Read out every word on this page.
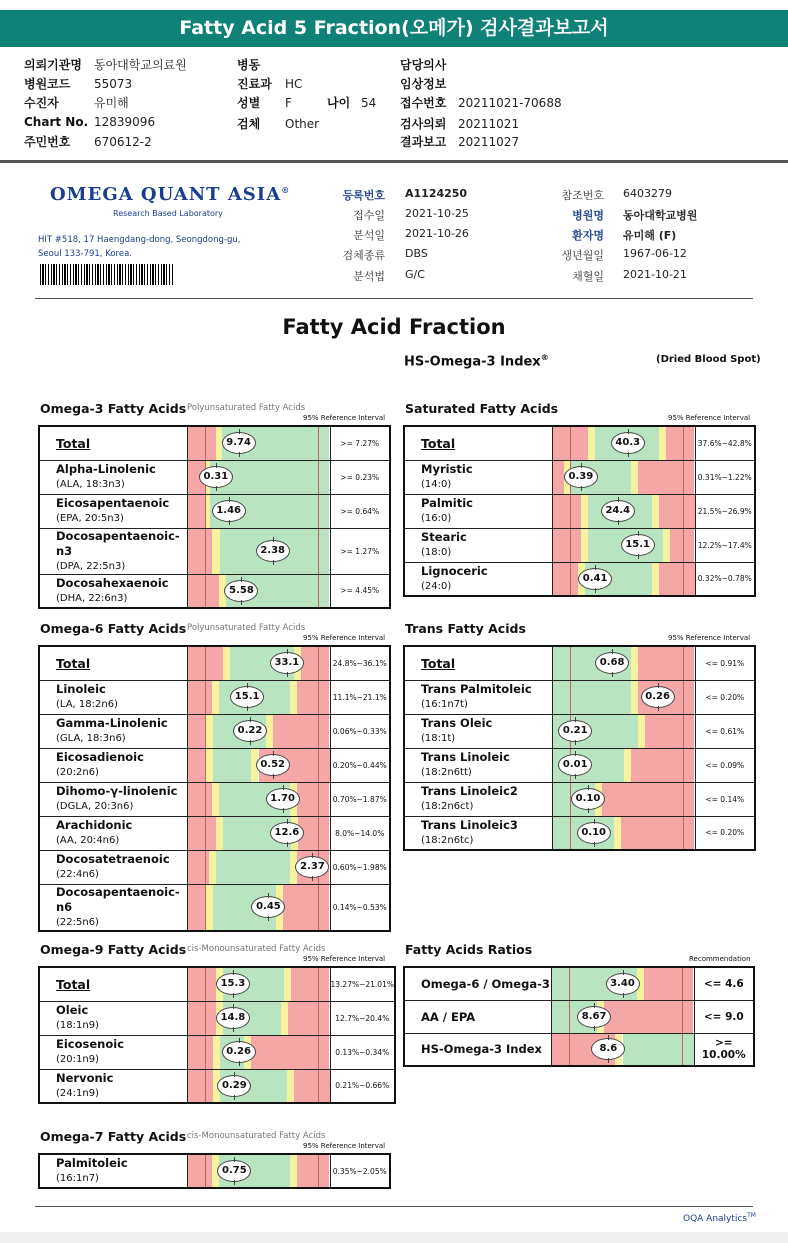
Fatty Acid 5 Fraction(오메가) 검사결과보고서
의뢰기관명 동아대학교의료원
병원코드 55073
수진자	유미해
Chart No. 12839096
주민번호 670612-2
병동
진료과 HC
성별 F
검체 Other
담당의사
임상정보
접수번호 20211021-70688
검사의뢰 20211021
결과보고 20211027
나이 54
OMEGA QUANT ASIA®
Research Based Laboratory
HIT #518, 17 Haengdang-dong, Seongdong-gu,
Seoul 133-791, Korea.
등록번호 A1124250
접수일 2021-10-25
분석일 2021-10-26
검체종류 DBS
분석법 G/C
참조번호 6403279
병원명 동아대학교병원
환자명 유미해 (F)
생년월일 1967-06-12
채혈일 2021-10-21
Fatty Acid Fraction
HS-Omega-3 Index®	(Dried Blood Spot)
Omega-3 Fatty Acids Polyunsaturated Fatty Acids
95% Reference Interval
Total	9.74	>= 7.27%

Alpha-Linolenic
(ALA, 18:3n3)	0.31	>= 0.23%

Eicosapentaenoic
(EPA, 20:5n3)	1.46	>= 0.64%

Docosapentaenoic-n3
(DPA, 22:5n3)	2.38	>= 1.27%

Docosahexaenoic
(DHA, 22:6n3)	5.58	>= 4.45%
Saturated Fatty Acids
95% Reference Interval
Total	40.3	37.6%~42.8%

Myristic
(14:0)	0.39	0.31%~1.22%

Palmitic
(16:0)	24.4	21.5%~26.9%

Stearic
(18:0)	15.1	12.2%~17.4%

Lignoceric
(24:0)	0.41	0.32%~0.78%
Omega-6 Fatty Acids Polyunsaturated Fatty Acids
95% Reference Interval
Total	33.1	24.8%~36.1%

Linoleic
(LA, 18:2n6)	15.1	11.1%~21.1%

Gamma-Linolenic
(GLA, 18:3n6)	0.22	0.06%~0.33%

Eicosadienoic
(20:2n6)	0.52	0.20%~0.44%

Dihomo-γ-linolenic
(DGLA, 20:3n6)	1.70	0.70%~1.87%

Arachidonic
(AA, 20:4n6)	12.6	8.0%~14.0%

Docosatetraenoic
(22:4n6)	2.37	0.60%~1.98%

Docosapentaenoic-n6
(22:5n6)	0.45	0.14%~0.53%
Trans Fatty Acids
95% Reference Interval
Total	0.68	<= 0.91%

Trans Palmitoleic
(16:1n7t)	0.26	<= 0.20%

Trans Oleic
(18:1t)	0.21	<= 0.61%

Trans Linoleic
(18:2n6tt)	0.01	<= 0.09%

Trans Linoleic2
(18:2n6ct)	0.10	<= 0.14%

Trans Linoleic3
(18:2n6tc)	0.10	<= 0.20%
Omega-9 Fatty Acids cis-Monounsaturated Fatty Acids
95% Reference Interval
Total	15.3	13.27%~21.01%

Oleic
(18:1n9)	14.8	12.7%~20.4%

Eicosenoic
(20:1n9)	0.26	0.13%~0.34%

Nervonic
(24:1n9)	0.29	0.21%~0.66%
Fatty Acids Ratios
Recommendation
Omega-6 / Omega-3	3.40	<= 4.6

AA / EPA	8.67	<= 9.0

HS-Omega-3 Index	8.6	>= 10.00%
Omega-7 Fatty Acids cis-Monounsaturated Fatty Acids
95% Reference Interval
Palmitoleic
(16:1n7)

0.75	0.35%~2.05%
OQA Analytics™
